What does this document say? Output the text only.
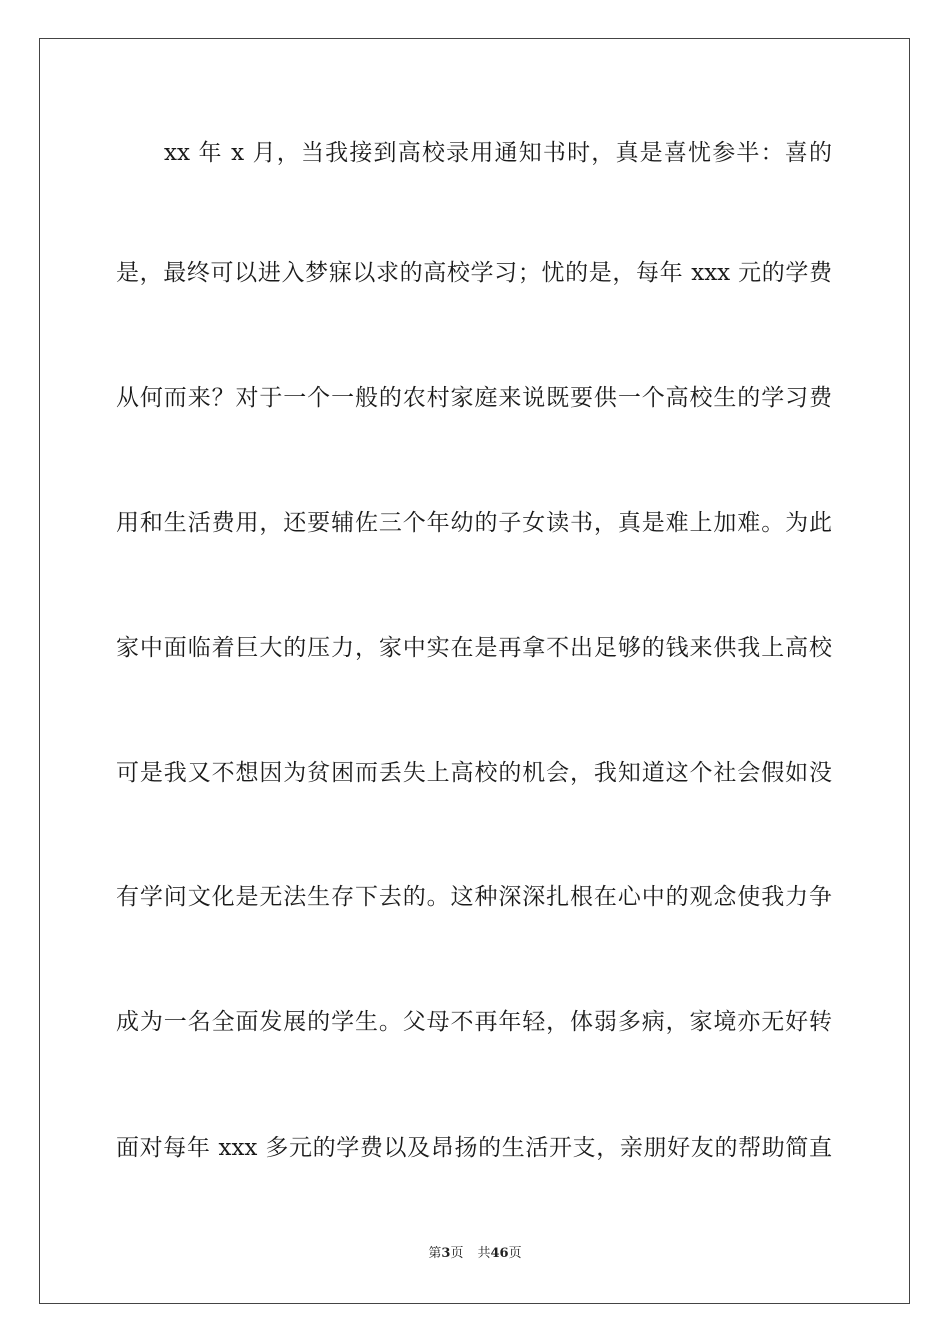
xx 年 x 月，当我接到高校录用通知书时，真是喜忧参半：喜的
是，最终可以进入梦寐以求的高校学习；忧的是，每年 xxx 元的学费
从何而来？对于一个一般的农村家庭来说既要供一个高校生的学习费
用和生活费用，还要辅佐三个年幼的子女读书，真是难上加难。为此
家中面临着巨大的压力，家中实在是再拿不出足够的钱来供我上高校
可是我又不想因为贫困而丢失上高校的机会，我知道这个社会假如没
有学问文化是无法生存下去的。这种深深扎根在心中的观念使我力争
成为一名全面发展的学生。父母不再年轻，体弱多病，家境亦无好转
面对每年 xxx 多元的学费以及昂扬的生活开支，亲朋好友的帮助简直
第3页 共46页
